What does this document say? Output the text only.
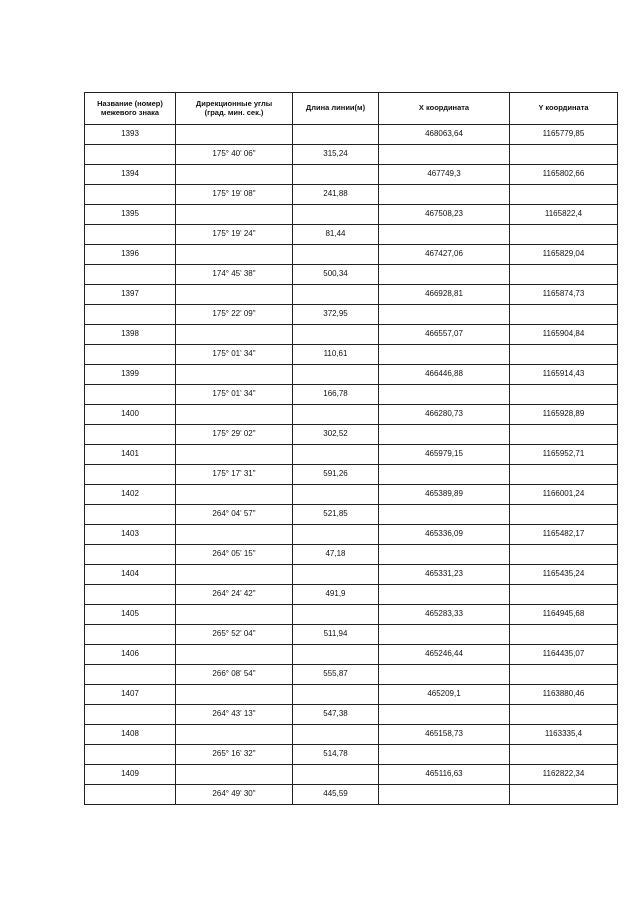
Название (номер)
межевого знака	Дирекционные углы
(град. мин. сек.)	Длина линии(м)	X координата	Y координата
1393			468063,64	1165779,85
	175° 40' 06"	315,24		
1394			467749,3	1165802,66
	175° 19' 08"	241,88		
1395			467508,23	1165822,4
	175° 19' 24"	81,44		
1396			467427,06	1165829,04
	174° 45' 38"	500,34		
1397			466928,81	1165874,73
	175° 22' 09"	372,95		
1398			466557,07	1165904,84
	175° 01' 34"	110,61		
1399			466446,88	1165914,43
	175° 01' 34"	166,78		
1400			466280,73	1165928,89
	175° 29' 02"	302,52		
1401			465979,15	1165952,71
	175° 17' 31"	591,26		
1402			465389,89	1166001,24
	264° 04' 57"	521,85		
1403			465336,09	1165482,17
	264° 05' 15"	47,18		
1404			465331,23	1165435,24
	264° 24' 42"	491,9		
1405			465283,33	1164945,68
	265° 52' 04"	511,94		
1406			465246,44	1164435,07
	266° 08' 54"	555,87		
1407			465209,1	1163880,46
	264° 43' 13"	547,38		
1408			465158,73	1163335,4
	265° 16' 32"	514,78		
1409			465116,63	1162822,34
	264° 49' 30"	445,59		
